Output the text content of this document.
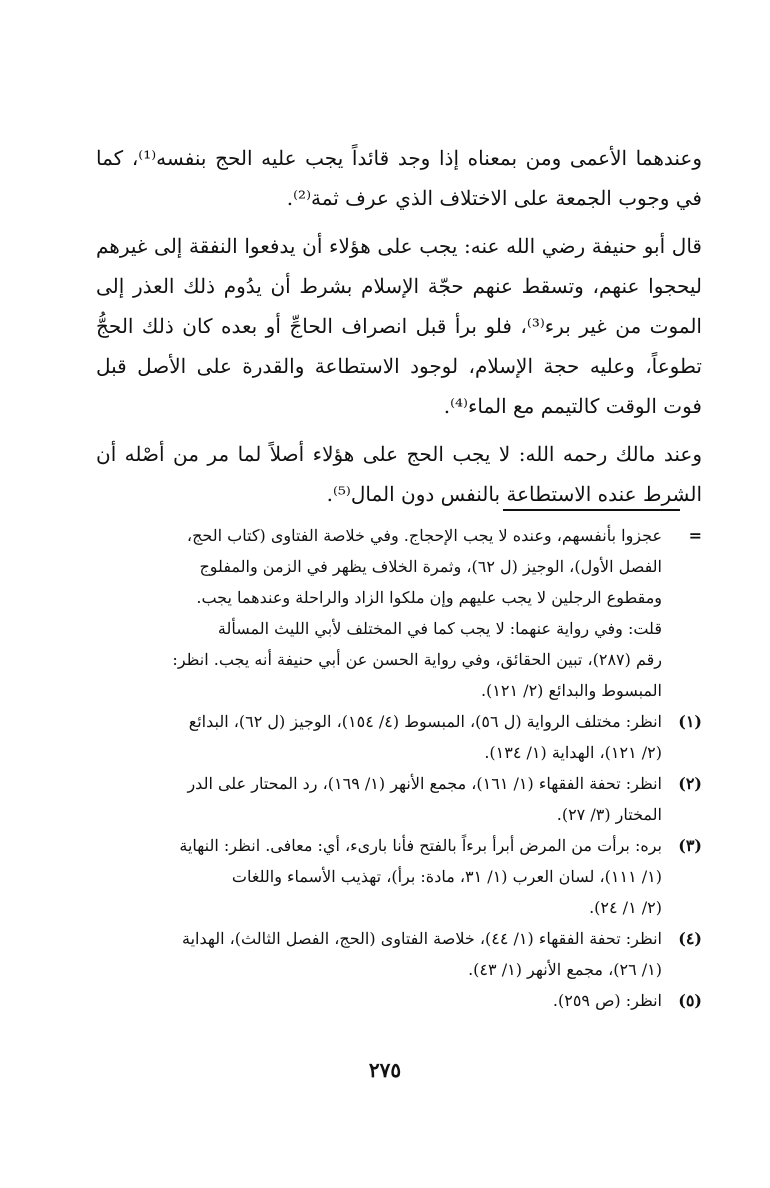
وعندهما الأعمى ومن بمعناه إذا وجد قائداً يجب عليه الحج بنفسه⁽¹⁾، كما في وجوب الجمعة على الاختلاف الذي عرف ثمة⁽²⁾.

قال أبو حنيفة رضي الله عنه: يجب على هؤلاء أن يدفعوا النفقة إلى غيرهم ليحجوا عنهم، وتسقط عنهم حجّة الإسلام بشرط أن يدُوم ذلك العذر إلى الموت من غير برء⁽³⁾، فلو برأ قبل انصراف الحاجِّ أو بعده كان ذلك الحجُّ تطوعاً، وعليه حجة الإسلام، لوجود الاستطاعة والقدرة على الأصل قبل فوت الوقت كالتيمم مع الماء⁽⁴⁾.

وعند مالك رحمه الله: لا يجب الحج على هؤلاء أصلاً لما مر من أصْله أن الشرط عنده الاستطاعة بالنفس دون المال⁽⁵⁾.

=
عجزوا بأنفسهم، وعنده لا يجب الإحجاج. وفي خلاصة الفتاوى (كتاب الحج،
الفصل الأول)، الوجيز (ل ٦٢)، وثمرة الخلاف يظهر في الزمن والمفلوج
ومقطوع الرجلين لا يجب عليهم وإن ملكوا الزاد والراحلة وعندهما يجب.
قلت: وفي رواية عنهما: لا يجب كما في المختلف لأبي الليث المسألة
رقم (٢٨٧)، تبين الحقائق، وفي رواية الحسن عن أبي حنيفة أنه يجب. انظر:
المبسوط والبدائع (٢/ ١٢١).
(١)
انظر: مختلف الرواية (ل ٥٦)، المبسوط (٤/ ١٥٤)، الوجيز (ل ٦٢)، البدائع
(٢/ ١٢١)، الهداية (١/ ١٣٤).
(٢)
انظر: تحفة الفقهاء (١/ ١٦١)، مجمع الأنهر (١/ ١٦٩)، رد المحتار على الدر
المختار (٣/ ٢٧).
(٣)
بره: برأت من المرض أبرأ برءاً بالفتح فأنا بارىء، أي: معافى. انظر: النهاية
(١/ ١١١)، لسان العرب (١/ ٣١، مادة: برأ)، تهذيب الأسماء واللغات
(٢/ ١/ ٢٤).
(٤)
انظر: تحفة الفقهاء (١/ ٤٤)، خلاصة الفتاوى (الحج، الفصل الثالث)، الهداية
(١/ ٢٦)، مجمع الأنهر (١/ ٤٣).
(٥)
انظر: (ص ٢٥٩).
٢٧٥
